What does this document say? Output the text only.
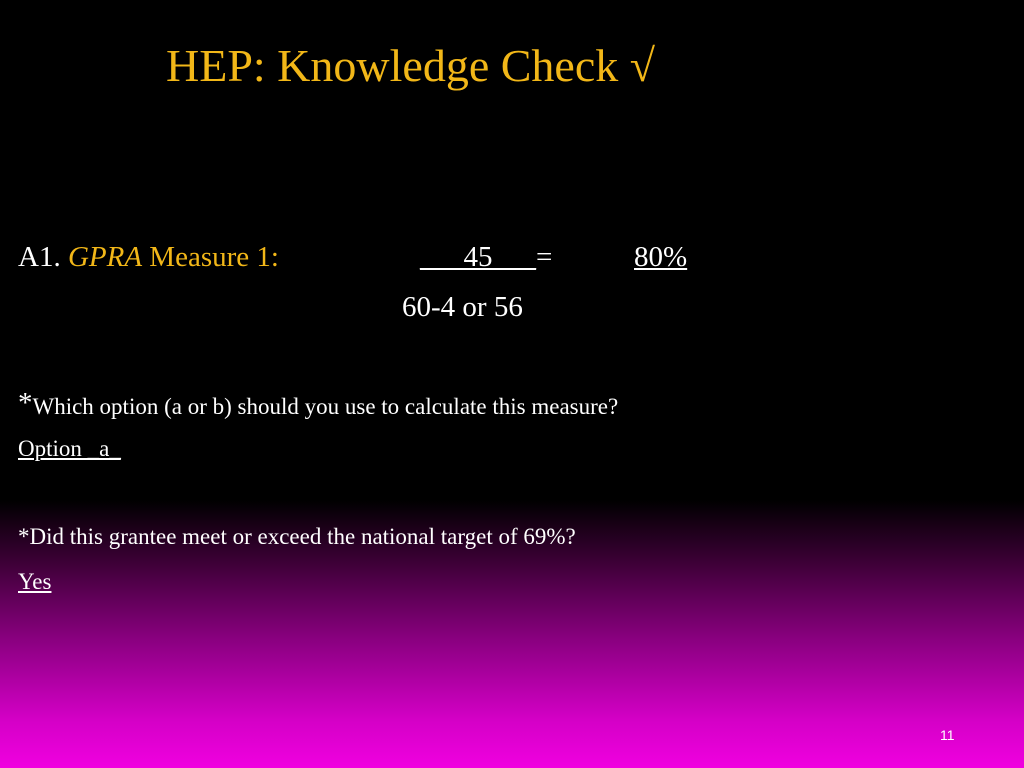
HEP: Knowledge Check √

A1. GPRA Measure 1:	___45___=	80%

60-4 or 56

*Which option (a or b) should you use to calculate this measure?

Option _a_

*Did this grantee meet or exceed the national target of 69%?

Yes

11
